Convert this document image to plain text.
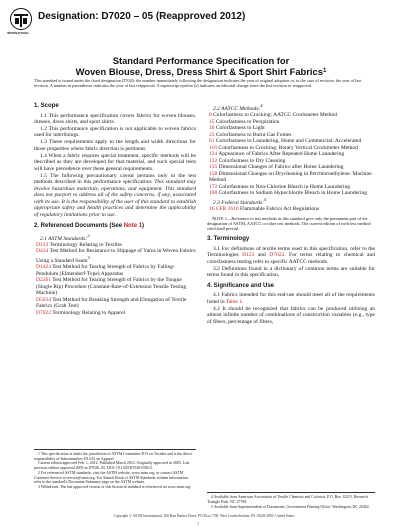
INTERNATIONAL
Designation: D7020 – 05 (Reapproved 2012)
Standard Performance Specification for
Woven Blouse, Dress, Dress Shirt & Sport Shirt Fabrics$^1$

This standard is issued under the fixed designation D7020; the number immediately following the designation indicates the year of original adoption or, in the case of revision, the year of last revision. A number in parentheses indicates the year of last reapproval. A superscript epsilon (ε) indicates an editorial change since the last revision or reapproval.

1. Scope

1.1 This performance specification covers fabrics for woven blouses, dresses, dress shirts, and sport shirts.

1.2 This performance specification is not applicable to woven fabrics used for interlinings.

1.3 These requirements apply to the length and width directions for those properties where fabric direction is pertinent.

1.4 When a fabric requires special treatment, specific methods will be described as they are developed for that material, and such special tests will have precedence over these general requirements.

1.5 The following precautionary caveat pertains only to the test methods described in this performance specification: This standard may involve hazardous materials, operations, and equipment. This standard does not purport to address all of the safety concerns, if any, associated with its use. It is the responsibility of the user of this standard to establish appropriate safety and health practices and determine the applicability of regulatory limitations prior to use.

2. Referenced Documents (See Note 1)
2.1 ASTM Standards:$^2$
D123 Terminology Relating to Textiles
D434 Test Method for Resistance to Slippage of Yarns in Woven Fabrics Using a Standard Seam$^3$
D1424 Test Method for Tearing Strength of Fabrics by Falling-Pendulum (Elmendorf-Type) Apparatus
D2261 Test Method for Tearing Strength of Fabrics by the Tongue (Single Rip) Procedure (Constant-Rate-of-Extension Tensile Testing Machine)
D5034 Test Method for Breaking Strength and Elongation of Textile Fabrics (Grab Test)
D7022 Terminology Relating to Apparel

1 This specification is under the jurisdiction of ASTM Committee D13 on Textiles and is the direct responsibility of Subcommittee D13.61 on Apparel.

Current edition approved Feb. 1, 2012. Published March 2012. Originally approved in 2005. Last previous edition approved 2005 as D7020–05. DOI: 10.1520/D7020-05R12.

2 For referenced ASTM standards, visit the ASTM website, www.astm.org, or contact ASTM Customer Service at service@astm.org. For Annual Book of ASTM Standards volume information, refer to the standard's Document Summary page on the ASTM website.

3 Withdrawn. The last approved version of this historical standard is referenced on www.astm.org.

2.2 AATCC Methods:$^4$
8 Colorfastness to Crocking: AATCC Crockmeter Method
15 Colorfastness to Perspiration
16 Colorfastness to Light
23 Colorfastness to Burnt Gas Fumes
61 Colorfastness to Laundering, Home and Commercial: Accelerated
116 Colorfastness to Crocking: Rotary Vertical Crockmeter Method
124 Appearance of Fabrics After Repeated Home Laundering
132 Colorfastness to Dry Cleaning
135 Dimensional Changes of Fabrics after Home Laundering
158 Dimensional Changes on Drycleaning in Perchloroethylene: Machine Method
172 Colorfastness to Non-Chlorine Bleach in Home Laundering
188 Colorfastness to Sodium Hypochlorite Bleach in Home Laundering
2.3 Federal Standards:$^5$
16 CFR 1610 Flammable Fabrics Act Regulations

NOTE 1—Reference to test methods in this standard give only the permanent part of the designation of ASTM, AATCC or other test methods. The current edition of each test method cited shall prevail.

3. Terminology

3.1 For definitions of textile terms used in this specification, refer to the Terminologies D123 and D7022. For terms relating to chemical and colorfastness testing refer to specific AATCC methods.

3.2 Definitions found in a dictionary of common terms are suitable for terms found in this specification.

4. Significance and Use

4.1 Fabrics intended for this end-use should meet all of the requirements listed in Table 1.

4.2 It should be recognized that fabrics can be produced utilizing an almost infinite number of combinations of construction variables (e.g., type of fibers, percentage of fibers,

4 Available from American Association of Textile Chemists and Colorists, P.O. Box 12215, Research Triangle Park, NC 27709.

5 Available from Superintendent of Documents, Government Printing Office, Washington, DC 20402.

Copyright © ASTM International, 100 Barr Harbor Drive, PO Box C700, West Conshohocken, PA 19428-2959. United States
1
